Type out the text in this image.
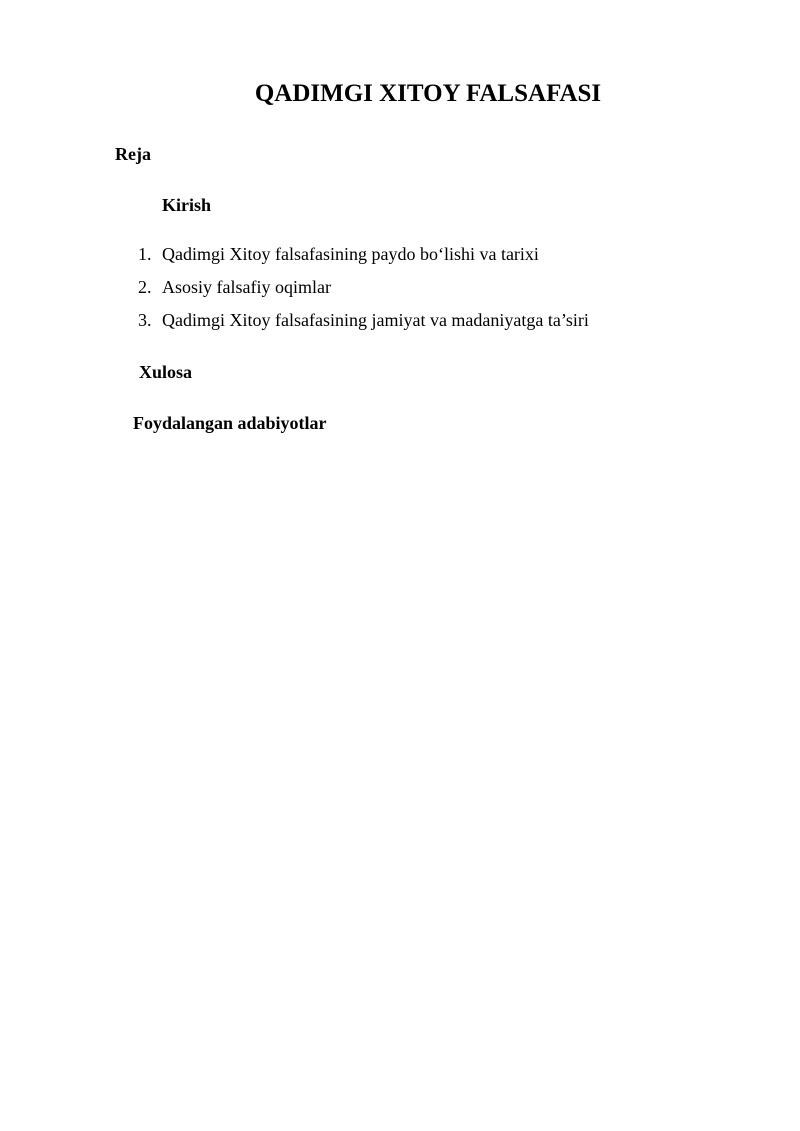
QADIMGI XITOY FALSAFASI
Reja
Kirish
1. Qadimgi Xitoy falsafasining paydo bo‘lishi va tarixi
2. Asosiy falsafiy oqimlar
3. Qadimgi Xitoy falsafasining jamiyat va madaniyatga ta’siri
Xulosa
Foydalangan adabiyotlar
